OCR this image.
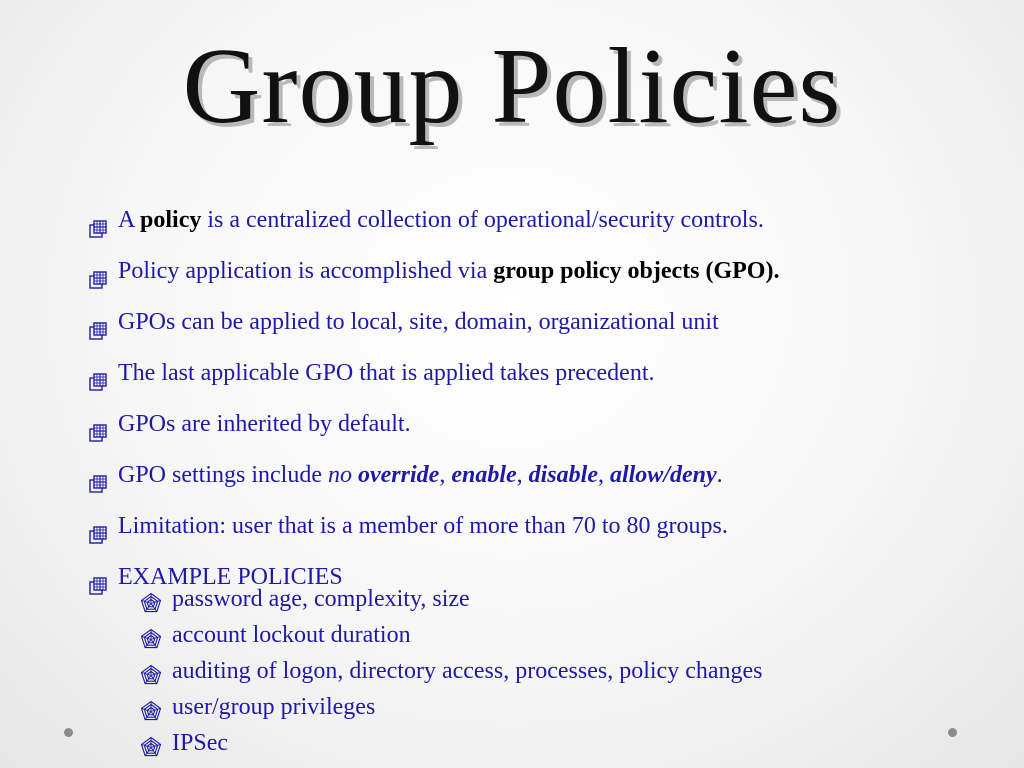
Group Policies
A policy is a centralized collection of operational/security controls.
Policy application is accomplished via group policy objects (GPO).
GPOs can be applied to local, site, domain, organizational unit
The last applicable GPO that is applied takes precedent.
GPOs are inherited by default.
GPO settings include no override, enable, disable, allow/deny.
Limitation: user that is a member of more than 70 to 80 groups.
EXAMPLE POLICIES
password age, complexity, size
account lockout duration
auditing of logon, directory access, processes, policy changes
user/group privileges
IPSec
